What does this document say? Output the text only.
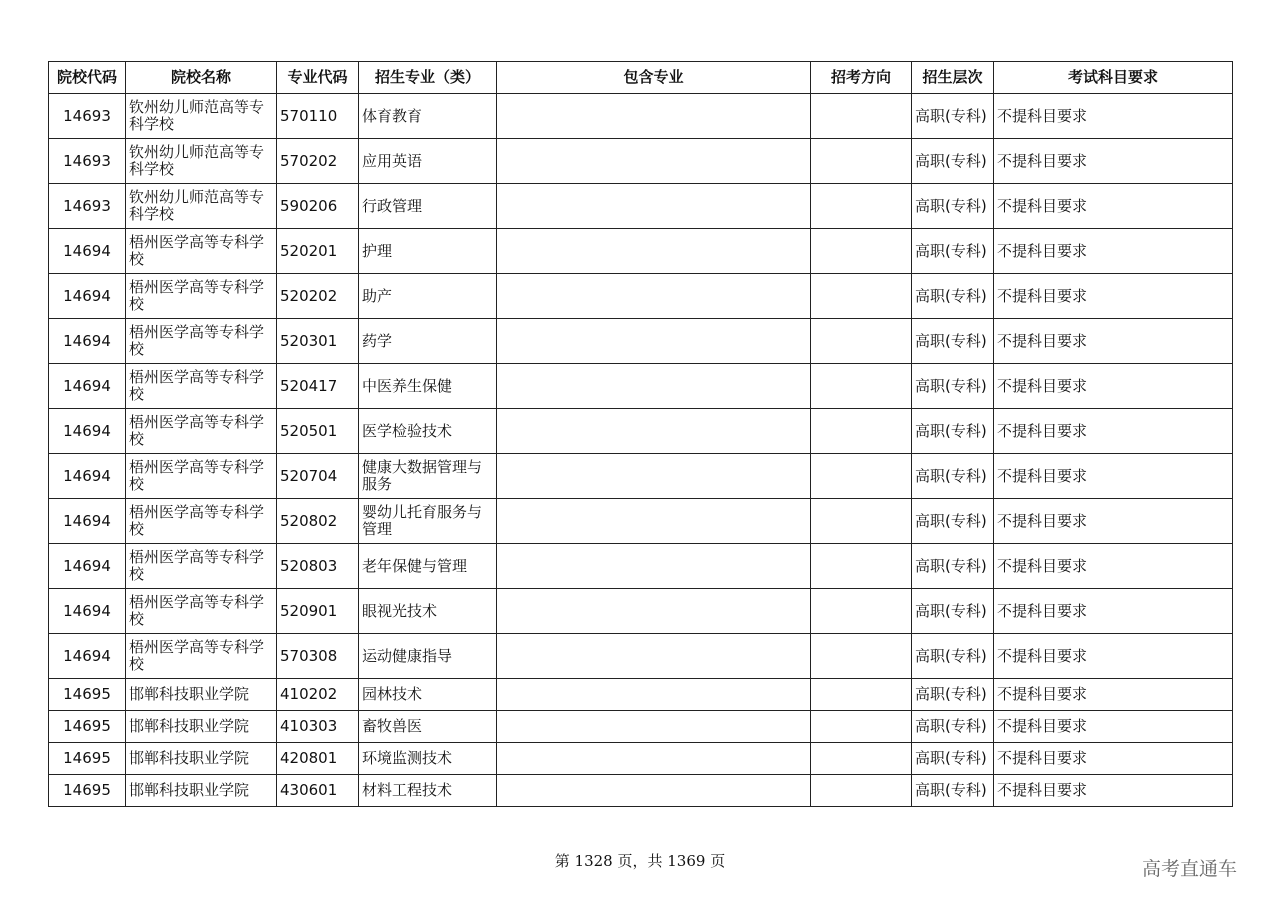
院校代码	院校名称	专业代码	招生专业（类）	包含专业	招考方向	招生层次	考试科目要求
14693	钦州幼儿师范高等专科学校	570110	体育教育			高职(专科)	不提科目要求
14693	钦州幼儿师范高等专科学校	570202	应用英语			高职(专科)	不提科目要求
14693	钦州幼儿师范高等专科学校	590206	行政管理			高职(专科)	不提科目要求
14694	梧州医学高等专科学校	520201	护理			高职(专科)	不提科目要求
14694	梧州医学高等专科学校	520202	助产			高职(专科)	不提科目要求
14694	梧州医学高等专科学校	520301	药学			高职(专科)	不提科目要求
14694	梧州医学高等专科学校	520417	中医养生保健			高职(专科)	不提科目要求
14694	梧州医学高等专科学校	520501	医学检验技术			高职(专科)	不提科目要求
14694	梧州医学高等专科学校	520704	健康大数据管理与服务			高职(专科)	不提科目要求
14694	梧州医学高等专科学校	520802	婴幼儿托育服务与管理			高职(专科)	不提科目要求
14694	梧州医学高等专科学校	520803	老年保健与管理			高职(专科)	不提科目要求
14694	梧州医学高等专科学校	520901	眼视光技术			高职(专科)	不提科目要求
14694	梧州医学高等专科学校	570308	运动健康指导			高职(专科)	不提科目要求
14695	邯郸科技职业学院	410202	园林技术			高职(专科)	不提科目要求
14695	邯郸科技职业学院	410303	畜牧兽医			高职(专科)	不提科目要求
14695	邯郸科技职业学院	420801	环境监测技术			高职(专科)	不提科目要求
14695	邯郸科技职业学院	430601	材料工程技术			高职(专科)	不提科目要求
第 1328 页，共 1369 页	高考直通车
